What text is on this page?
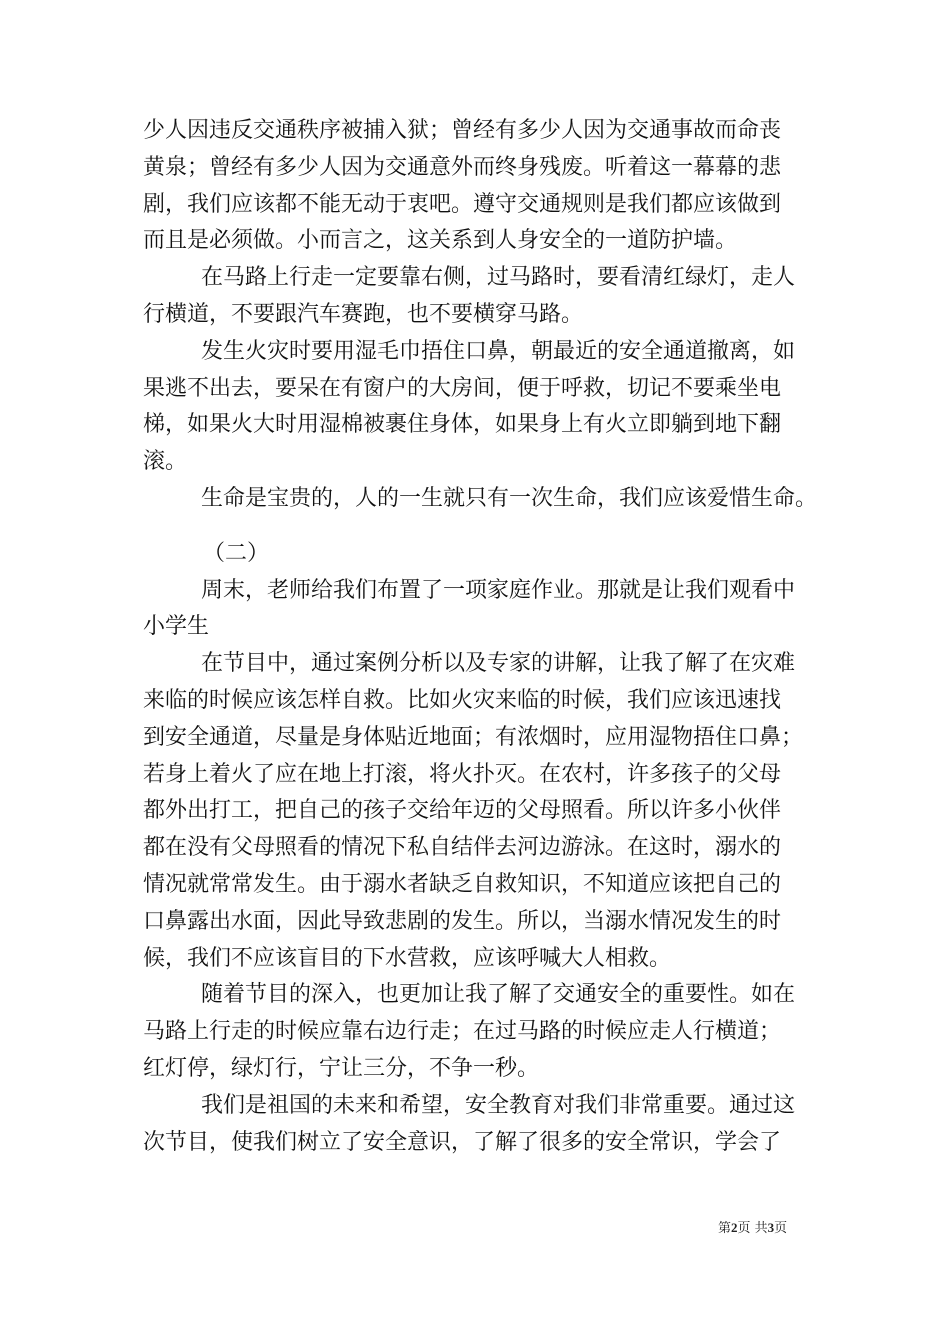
少人因违反交通秩序被捕入狱；曾经有多少人因为交通事故而命丧
黄泉；曾经有多少人因为交通意外而终身残废。听着这一幕幕的悲
剧，我们应该都不能无动于衷吧。遵守交通规则是我们都应该做到
而且是必须做。小而言之，这关系到人身安全的一道防护墙。
在马路上行走一定要靠右侧，过马路时，要看清红绿灯，走人
行横道，不要跟汽车赛跑，也不要横穿马路。
发生火灾时要用湿毛巾捂住口鼻，朝最近的安全通道撤离，如
果逃不出去，要呆在有窗户的大房间，便于呼救，切记不要乘坐电
梯，如果火大时用湿棉被裹住身体，如果身上有火立即躺到地下翻
滚。
生命是宝贵的，人的一生就只有一次生命，我们应该爱惜生命。
（二）
周末，老师给我们布置了一项家庭作业。那就是让我们观看中
小学生
在节目中，通过案例分析以及专家的讲解，让我了解了在灾难
来临的时候应该怎样自救。比如火灾来临的时候，我们应该迅速找
到安全通道，尽量是身体贴近地面；有浓烟时，应用湿物捂住口鼻；
若身上着火了应在地上打滚，将火扑灭。在农村，许多孩子的父母
都外出打工，把自己的孩子交给年迈的父母照看。所以许多小伙伴
都在没有父母照看的情况下私自结伴去河边游泳。在这时，溺水的
情况就常常发生。由于溺水者缺乏自救知识，不知道应该把自己的
口鼻露出水面，因此导致悲剧的发生。所以，当溺水情况发生的时
候，我们不应该盲目的下水营救，应该呼喊大人相救。
随着节目的深入，也更加让我了解了交通安全的重要性。如在
马路上行走的时候应靠右边行走；在过马路的时候应走人行横道；
红灯停，绿灯行，宁让三分，不争一秒。
我们是祖国的未来和希望，安全教育对我们非常重要。通过这
次节目，使我们树立了安全意识，了解了很多的安全常识，学会了
第2页 共3页
